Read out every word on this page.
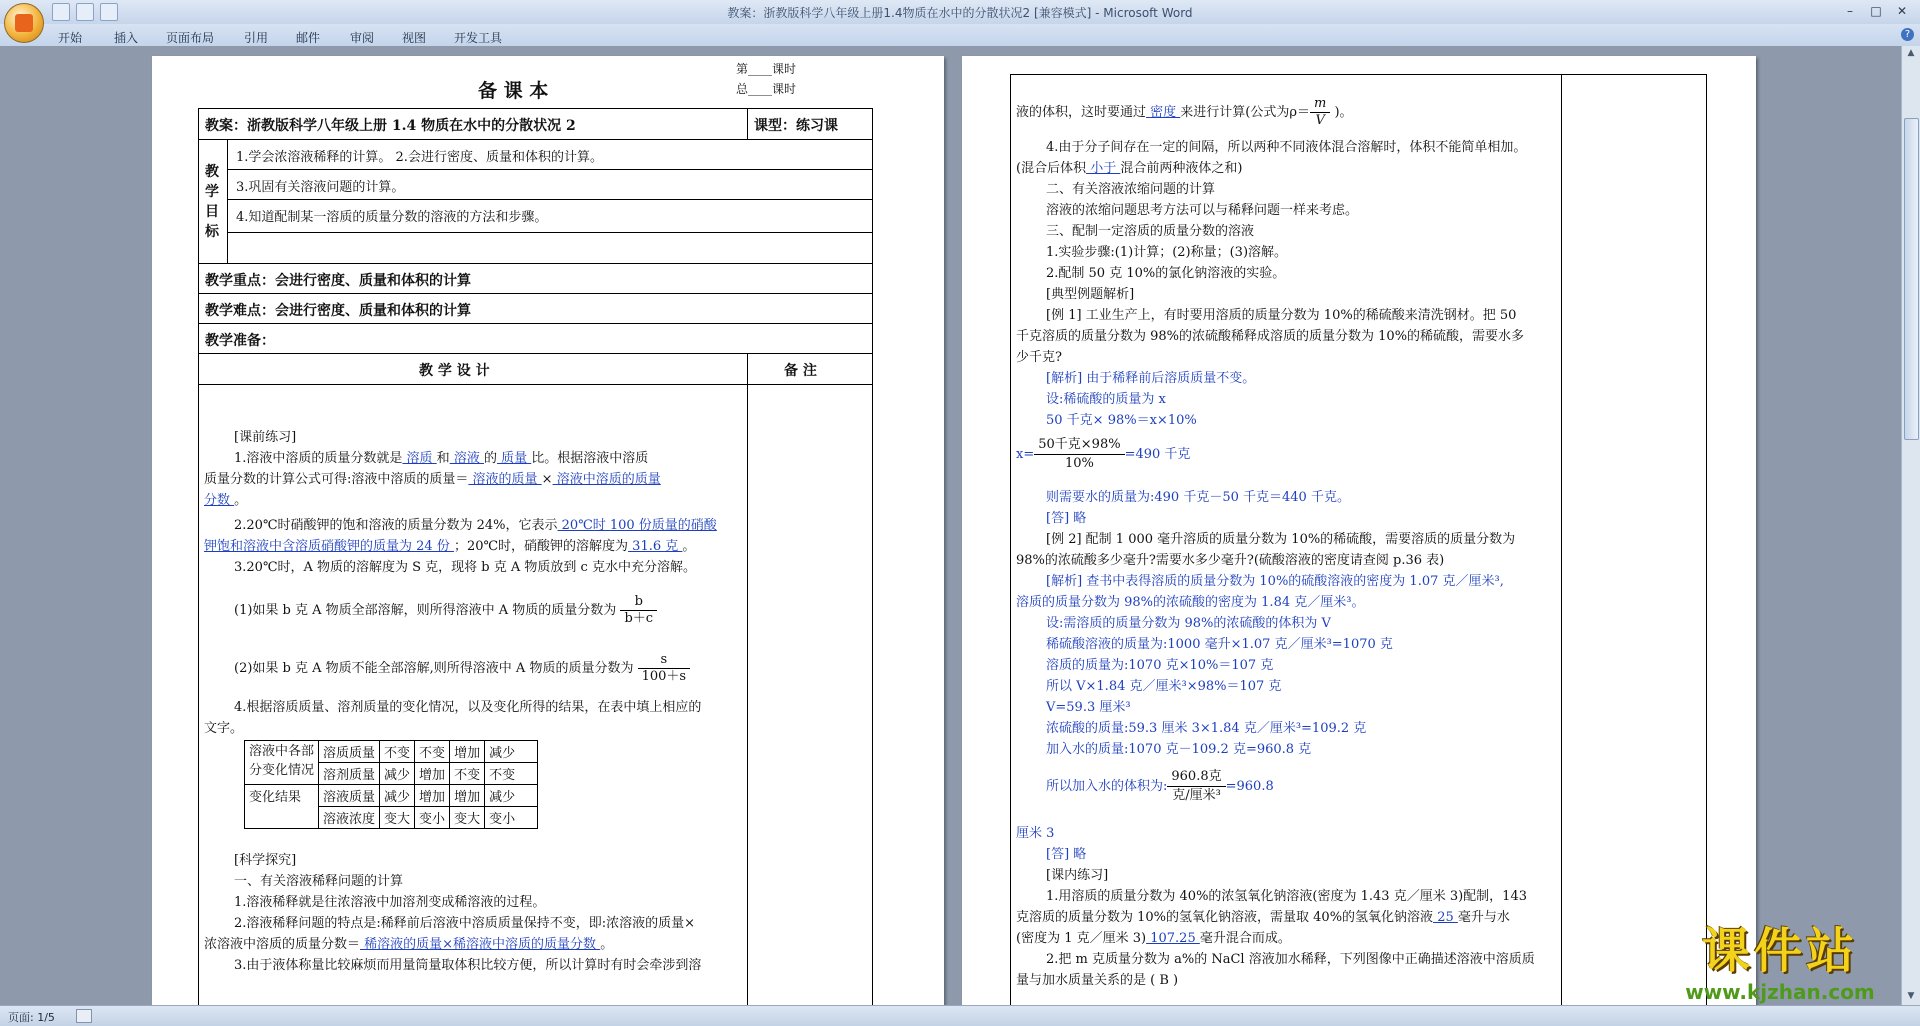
教案：浙教版科学八年级上册1.4物质在水中的分散状况2 [兼容模式] - Microsoft Word	–	□	✕
开始	插入 页面布局 引用 邮件 审阅 视图 开发工具	?
备 课 本
第____课时
总____课时
教案：浙教版科学八年级上册 1.4 物质在水中的分散状况 2	课型：练习课
教学目标
1.学会浓溶液稀释的计算。 2.会进行密度、质量和体积的计算。
3.巩固有关溶液问题的计算。
4.知道配制某一溶质的质量分数的溶液的方法和步骤。
教学重点：会进行密度、质量和体积的计算
教学难点：会进行密度、质量和体积的计算
教学准备：
教 学 设 计	备 注
[课前练习]
1.溶液中溶质的质量分数就是 溶质 和 溶液 的 质量 比。根据溶液中溶质
质量分数的计算公式可得:溶液中溶质的质量＝ 溶液的质量 × 溶液中溶质的质量
分数 。
2.20℃时硝酸钾的饱和溶液的质量分数为 24%，它表示 20℃时 100 份质量的硝酸
钾饱和溶液中含溶质硝酸钾的质量为 24 份 ；20℃时，硝酸钾的溶解度为 31.6 克 。
3.20℃时，A 物质的溶解度为 S 克，现将 b 克 A 物质放到 c 克水中充分溶解。
(1)如果 b 克 A 物质全部溶解，则所得溶液中 A 物质的质量分数为 $\frac{b}{b+c}$
(2)如果 b 克 A 物质不能全部溶解,则所得溶液中 A 物质的质量分数为 $\frac{s}{100+s}$
4.根据溶质质量、溶剂质量的变化情况，以及变化所得的结果，在表中填上相应的
文字。
溶液中各部
分变化情况	溶质质量	不变	不变	增加	减少
	溶剂质量	减少	增加	不变	不变
变化结果	溶液质量	减少	增加	增加	减少
	溶液浓度	变大	变小	变大	变小
[科学探究]
一、有关溶液稀释问题的计算
1.溶液稀释就是往浓溶液中加溶剂变成稀溶液的过程。
2.溶液稀释问题的特点是:稀释前后溶液中溶质质量保持不变，即:浓溶液的质量×
浓溶液中溶质的质量分数＝ 稀溶液的质量×稀溶液中溶质的质量分数 。
3.由于液体称量比较麻烦而用量筒量取体积比较方便，所以计算时有时会牵涉到溶
液的体积，这时要通过 密度 来进行计算(公式为$\rho= \frac{m}{V}$ )。
4.由于分子间存在一定的间隔，所以两种不同液体混合溶解时，体积不能简单相加。
(混合后体积 小于 混合前两种液体之和)
二、有关溶液浓缩问题的计算
溶液的浓缩问题思考方法可以与稀释问题一样来考虑。
三、配制一定溶质的质量分数的溶液
1.实验步骤:(1)计算；(2)称量；(3)溶解。
2.配制 50 克 10%的氯化钠溶液的实验。
[典型例题解析]
[例 1] 工业生产上，有时要用溶质的质量分数为 10%的稀硫酸来清洗钢材。把 50
千克溶质的质量分数为 98%的浓硫酸稀释成溶质的质量分数为 10%的稀硫酸，需要水多
少千克?
[解析] 由于稀释前后溶质质量不变。
设:稀硫酸的质量为 x
50 千克× 98%＝x×10%
$x= \frac{\text{50千克×98\%}}{10\%} =490$ 千克
则需要水的质量为:490 千克－50 千克＝440 千克。
[答] 略
[例 2] 配制 1 000 毫升溶质的质量分数为 10%的稀硫酸，需要溶质的质量分数为
98%的浓硫酸多少毫升?需要水多少毫升?(硫酸溶液的密度请查阅 p.36 表)
[解析] 查书中表得溶质的质量分数为 10%的硫酸溶液的密度为 1.07 克／厘米³,
溶质的质量分数为 98%的浓硫酸的密度为 1.84 克／厘米³。
设:需溶质的质量分数为 98%的浓硫酸的体积为 V
稀硫酸溶液的质量为:1000 毫升×1.07 克／厘米³=1070 克
溶质的质量为:1070 克×10%＝107 克
所以 V×1.84 克／厘米³×98%＝107 克
V=59.3 厘米³
浓硫酸的质量:59.3 厘米 3×1.84 克／厘米³=109.2 克
加入水的质量:1070 克－109.2 克=960.8 克
所以加入水的体积为: $\frac{\text{960.8克}}{\text{克/厘米³}} =960.8$
厘米 3
[答] 略
[课内练习]
1.用溶质的质量分数为 40%的浓氢氧化钠溶液(密度为 1.43 克／厘米 3)配制，143
克溶质的质量分数为 10%的氢氧化钠溶液，需量取 40%的氢氧化钠溶液 25 毫升与水
(密度为 1 克／厘米 3) 107.25 毫升混合而成。
2.把 m 克质量分数为 a%的 NaCl 溶液加水稀释，下列图像中正确描述溶液中溶质质
量与加水质量关系的是 ( B )
▲
▼
课件站
www.kjzhan.com
页面: 1/5
